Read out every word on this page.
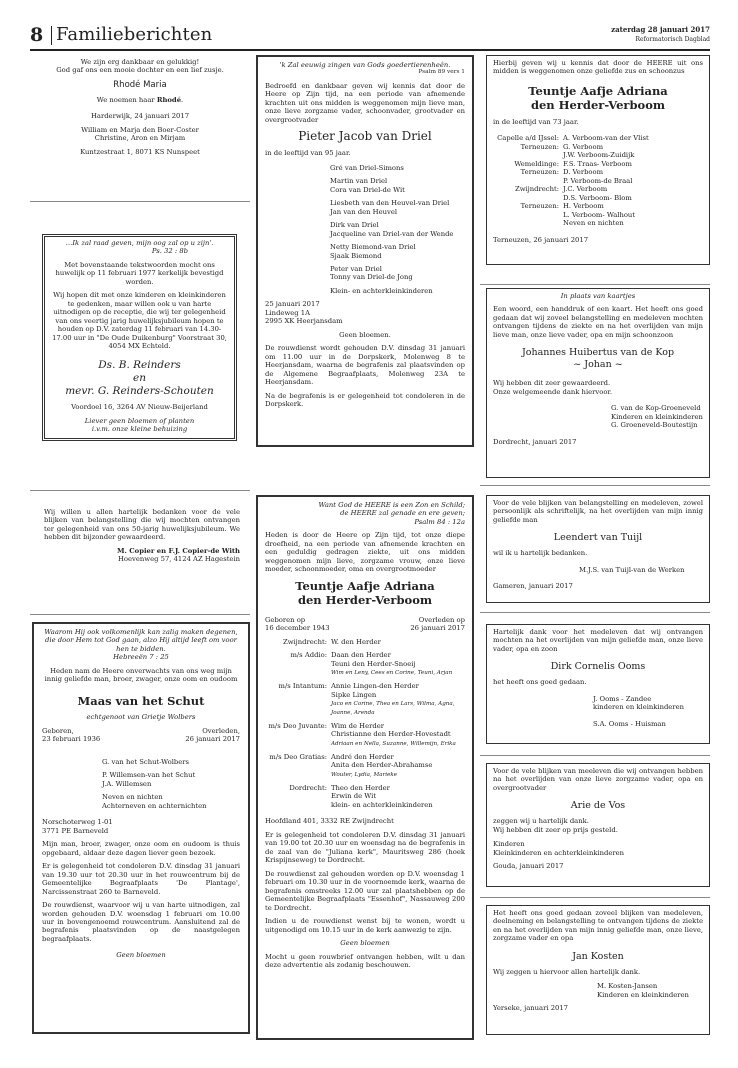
8 Familieberichten	zaterdag 28 januari 2017
Reformatorisch Dagblad

We zijn erg dankbaar en gelukkig!

God gaf ons een mooie dochter en een lief zusje.

Rhodé Maria

We noemen haar Rhodé.

Harderwijk, 24 januari 2017

William en Marja den Boer-Coster

Christine, Aron en Mirjam

Kuntzestraat 1, 8071 KS Nunspeet

…Ik zal raad geven, mijn oog zal op u zijn'.

Ps. 32 : 8b

Met bovenstaande tekstwoorden mocht ons huwelijk op 11 februari 1977 kerkelijk bevestigd worden.

Wij hopen dit met onze kinderen en kleinkinderen te gedenken, maar willen ook u van harte uitnodigen op de receptie, die wij ter gelegenheid van ons veertig jarig huwelijksjubileum hopen te houden op D.V. zaterdag 11 februari van 14.30-17.00 uur in "De Oude Duikenburg" Voorstraat 30, 4054 MX Echteld.

Ds. B. Reinders

en

mevr. G. Reinders-Schouten

Voordoel 16, 3264 AV Nieuw-Beijerland

Liever geen bloemen of planten

i.v.m. onze kleine behuizing

Wij willen u allen hartelijk bedanken voor de vele blijken van belangstelling die wij mochten ontvangen ter gelegenheid van ons 50-jarig huwelijksjubileum. We hebben dit bijzonder gewaardeerd.

M. Copier en F.J. Copier-de With

Hoevenweg 57, 4124 AZ Hagestein

Waarom Hij ook volkomenlijk kan zalig maken degenen, die door Hem tot God gaan, alzo Hij altijd leeft om voor hen te bidden.

Hebreeën 7 : 25

Heden nam de Heere onverwachts van ons weg mijn innig geliefde man, broer, zwager, onze oom en oudoom

Maas van het Schut

echtgenoot van Grietje Wolbers

Geboren,

23 februari 1936

Overleden,

26 januari 2017

G. van het Schut-Wolbers

P. Willemsen-van het Schut

J.A. Willemsen

Neven en nichten

Achterneven en achternichten

Norschoterweg 1-01

3771 PE Barneveld

Mijn man, broer, zwager, onze oom en oudoom is thuis opgebaard, aldaar deze dagen liever geen bezoek.

Er is gelegenheid tot condoleren D.V. dinsdag 31 januari van 19.30 uur tot 20.30 uur in het rouwcentrum bij de Gemeentelijke Begraafplaats 'De Plantage', Narcissenstraat 260 te Barneveld.

De rouwdienst, waarvoor wij u van harte uitnodigen, zal worden gehouden D.V. woensdag 1 februari om 10.00 uur in bovengenoemd rouwcentrum. Aansluitend zal de begrafenis plaatsvinden op de naastgelegen begraafplaats.

Geen bloemen

'k Zal eeuwig zingen van Gods goedertierenheên.

Psalm 89 vers 1

Bedroefd en dankbaar geven wij kennis dat door de Heere op Zijn tijd, na een periode van afnemende krachten uit ons midden is weggenomen mijn lieve man, onze lieve zorgzame vader, schoonvader, grootvader en overgrootvader

Pieter Jacob van Driel

in de leeftijd van 95 jaar.

Gré van Driel-Simons

Martin van Driel

Cora van Driel-de Wit

Liesbeth van den Heuvel-van Driel

Jan van den Heuvel

Dirk van Driel

Jacqueline van Driel-van der Wende

Netty Biemond-van Driel

Sjaak Biemond

Peter van Driel

Tonny van Driel-de Jong

Klein- en achterkleinkinderen

25 januari 2017

Lindeweg 1A

2995 XK Heerjansdam

Geen bloemen.

De rouwdienst wordt gehouden D.V. dinsdag 31 januari om 11.00 uur in de Dorpskerk, Molenweg 8 te Heerjansdam, waarna de begrafenis zal plaatsvinden op de Algemene Begraafplaats, Molenweg 23A te Heerjansdam.

Na de begrafenis is er gelegenheid tot condoleren in de Dorpskerk.

Want God de HEERE is een Zon en Schild;

de HEERE zal genade en ere geven;

Psalm 84 : 12a

Heden is door de Heere op Zijn tijd, tot onze diepe droefheid, na een periode van afnemende krachten en een geduldig gedragen ziekte, uit ons midden weggenomen mijn lieve, zorgzame vrouw, onze lieve moeder, schoonmoeder, oma en overgrootmoeder

Teuntje Aafje Adriana

den Herder-Verboom

Geboren op

16 december 1943

Overleden op

26 januari 2017

Zwijndrecht: W. den Herder
m/s Addio: Daan den Herder
Teuni den Herder-Snoeij
Wim en Leny, Cees en Corine, Teuni, Arjan
m/s Intantum: Annie Lingen-den Herder
Sipke Lingen
Jaco en Corine, Thea en Lars, Wilma, Agna, Joanne, Arenda
m/s Deo Juvante: Wim de Herder
Christianne den Herder-Hovestadt
Adriaan en Nella, Suzanne, Willemijn, Erika
m/s Deo Gratias: André den Herder
Anita den Herder-Abrahamse
Wouter, Lydia, Marieke
Dordrecht: Theo den Herder
Erwin de Wit
klein- en achterkleinkinderen

Hoofdland 401, 3332 RE Zwijndrecht

Er is gelegenheid tot condoleren D.V. dinsdag 31 januari van 19.00 tot 20.30 uur en woensdag na de begrafenis in de zaal van de "Juliana kerk", Mauritsweg 286 (hoek Krispijnseweg) te Dordrecht.

De rouwdienst zal gehouden worden op D.V. woensdag 1 februari om 10.30 uur in de voornoemde kerk, waarna de begrafenis omstreeks 12.00 uur zal plaatshebben op de Gemeentelijke Begraafplaats "Essenhof", Nassauweg 200 te Dordrecht.

Indien u de rouwdienst wenst bij te wonen, wordt u uitgenodigd om 10.15 uur in de kerk aanwezig te zijn.

Geen bloemen

Mocht u geen rouwbrief ontvangen hebben, wilt u dan deze advertentie als zodanig beschouwen.

Hierbij geven wij u kennis dat door de HEERE uit ons midden is weggenomen onze geliefde zus en schoonzus

Teuntje Aafje Adriana

den Herder-Verboom

in de leeftijd van 73 jaar.

Capelle a/d IJssel: A. Verboom-van der Vlist
Terneuzen: G. Verboom
J.W. Verboom-Zuidijk
Wemeldinge: F.S. Traas- Verboom
Terneuzen: D. Verboom
P. Verboom-de Braal
Zwijndrecht: J.C. Verboom
D.S. Verboom- Blom
Terneuzen: H. Verboom
L. Verboom- Walhout
Neven en nichten

Terneuzen, 26 januari 2017

In plaats van kaartjes

Een woord, een handdruk of een kaart. Het heeft ons goed gedaan dat wij zoveel belangstelling en medeleven mochten ontvangen tijdens de ziekte en na het overlijden van mijn lieve man, onze lieve vader, opa en mijn schoonzoon

Johannes Huibertus van de Kop

~ Johan ~

Wij hebben dit zeer gewaardeerd.

Onze welgemeende dank hiervoor.

G. van de Kop-Groeneveld

Kinderen en kleinkinderen

G. Groeneveld-Boutestijn

Dordrecht, januari 2017

Voor de vele blijken van belangstelling en medeleven, zowel persoonlijk als schriftelijk, na het overlijden van mijn innig geliefde man

Leendert van Tuijl

wil ik u hartelijk bedanken.

M.J.S. van Tuijl-van de Werken

Gameren, januari 2017

Hartelijk dank voor het medeleven dat wij ontvangen mochten na het overlijden van mijn geliefde man, onze lieve vader, opa en zoon

Dirk Cornelis Ooms

het heeft ons goed gedaan.

J. Ooms - Zandee

kinderen en kleinkinderen

S.A. Ooms - Huisman

Voor de vele blijken van meeleven die wij ontvangen hebben na het overlijden van onze lieve zorgzame vader, opa en overgrootvader

Arie de Vos

zeggen wij u hartelijk dank.

Wij hebben dit zeer op prijs gesteld.

Kinderen

Kleinkinderen en achterkleinkinderen

Gouda, januari 2017

Het heeft ons goed gedaan zoveel blijken van medeleven, deelneming en belangstelling te ontvangen tijdens de ziekte en na het overlijden van mijn innig geliefde man, onze lieve, zorgzame vader en opa

Jan Kosten

Wij zeggen u hiervoor allen hartelijk dank.

M. Kosten-Jansen

Kinderen en kleinkinderen

Yerseke, januari 2017
